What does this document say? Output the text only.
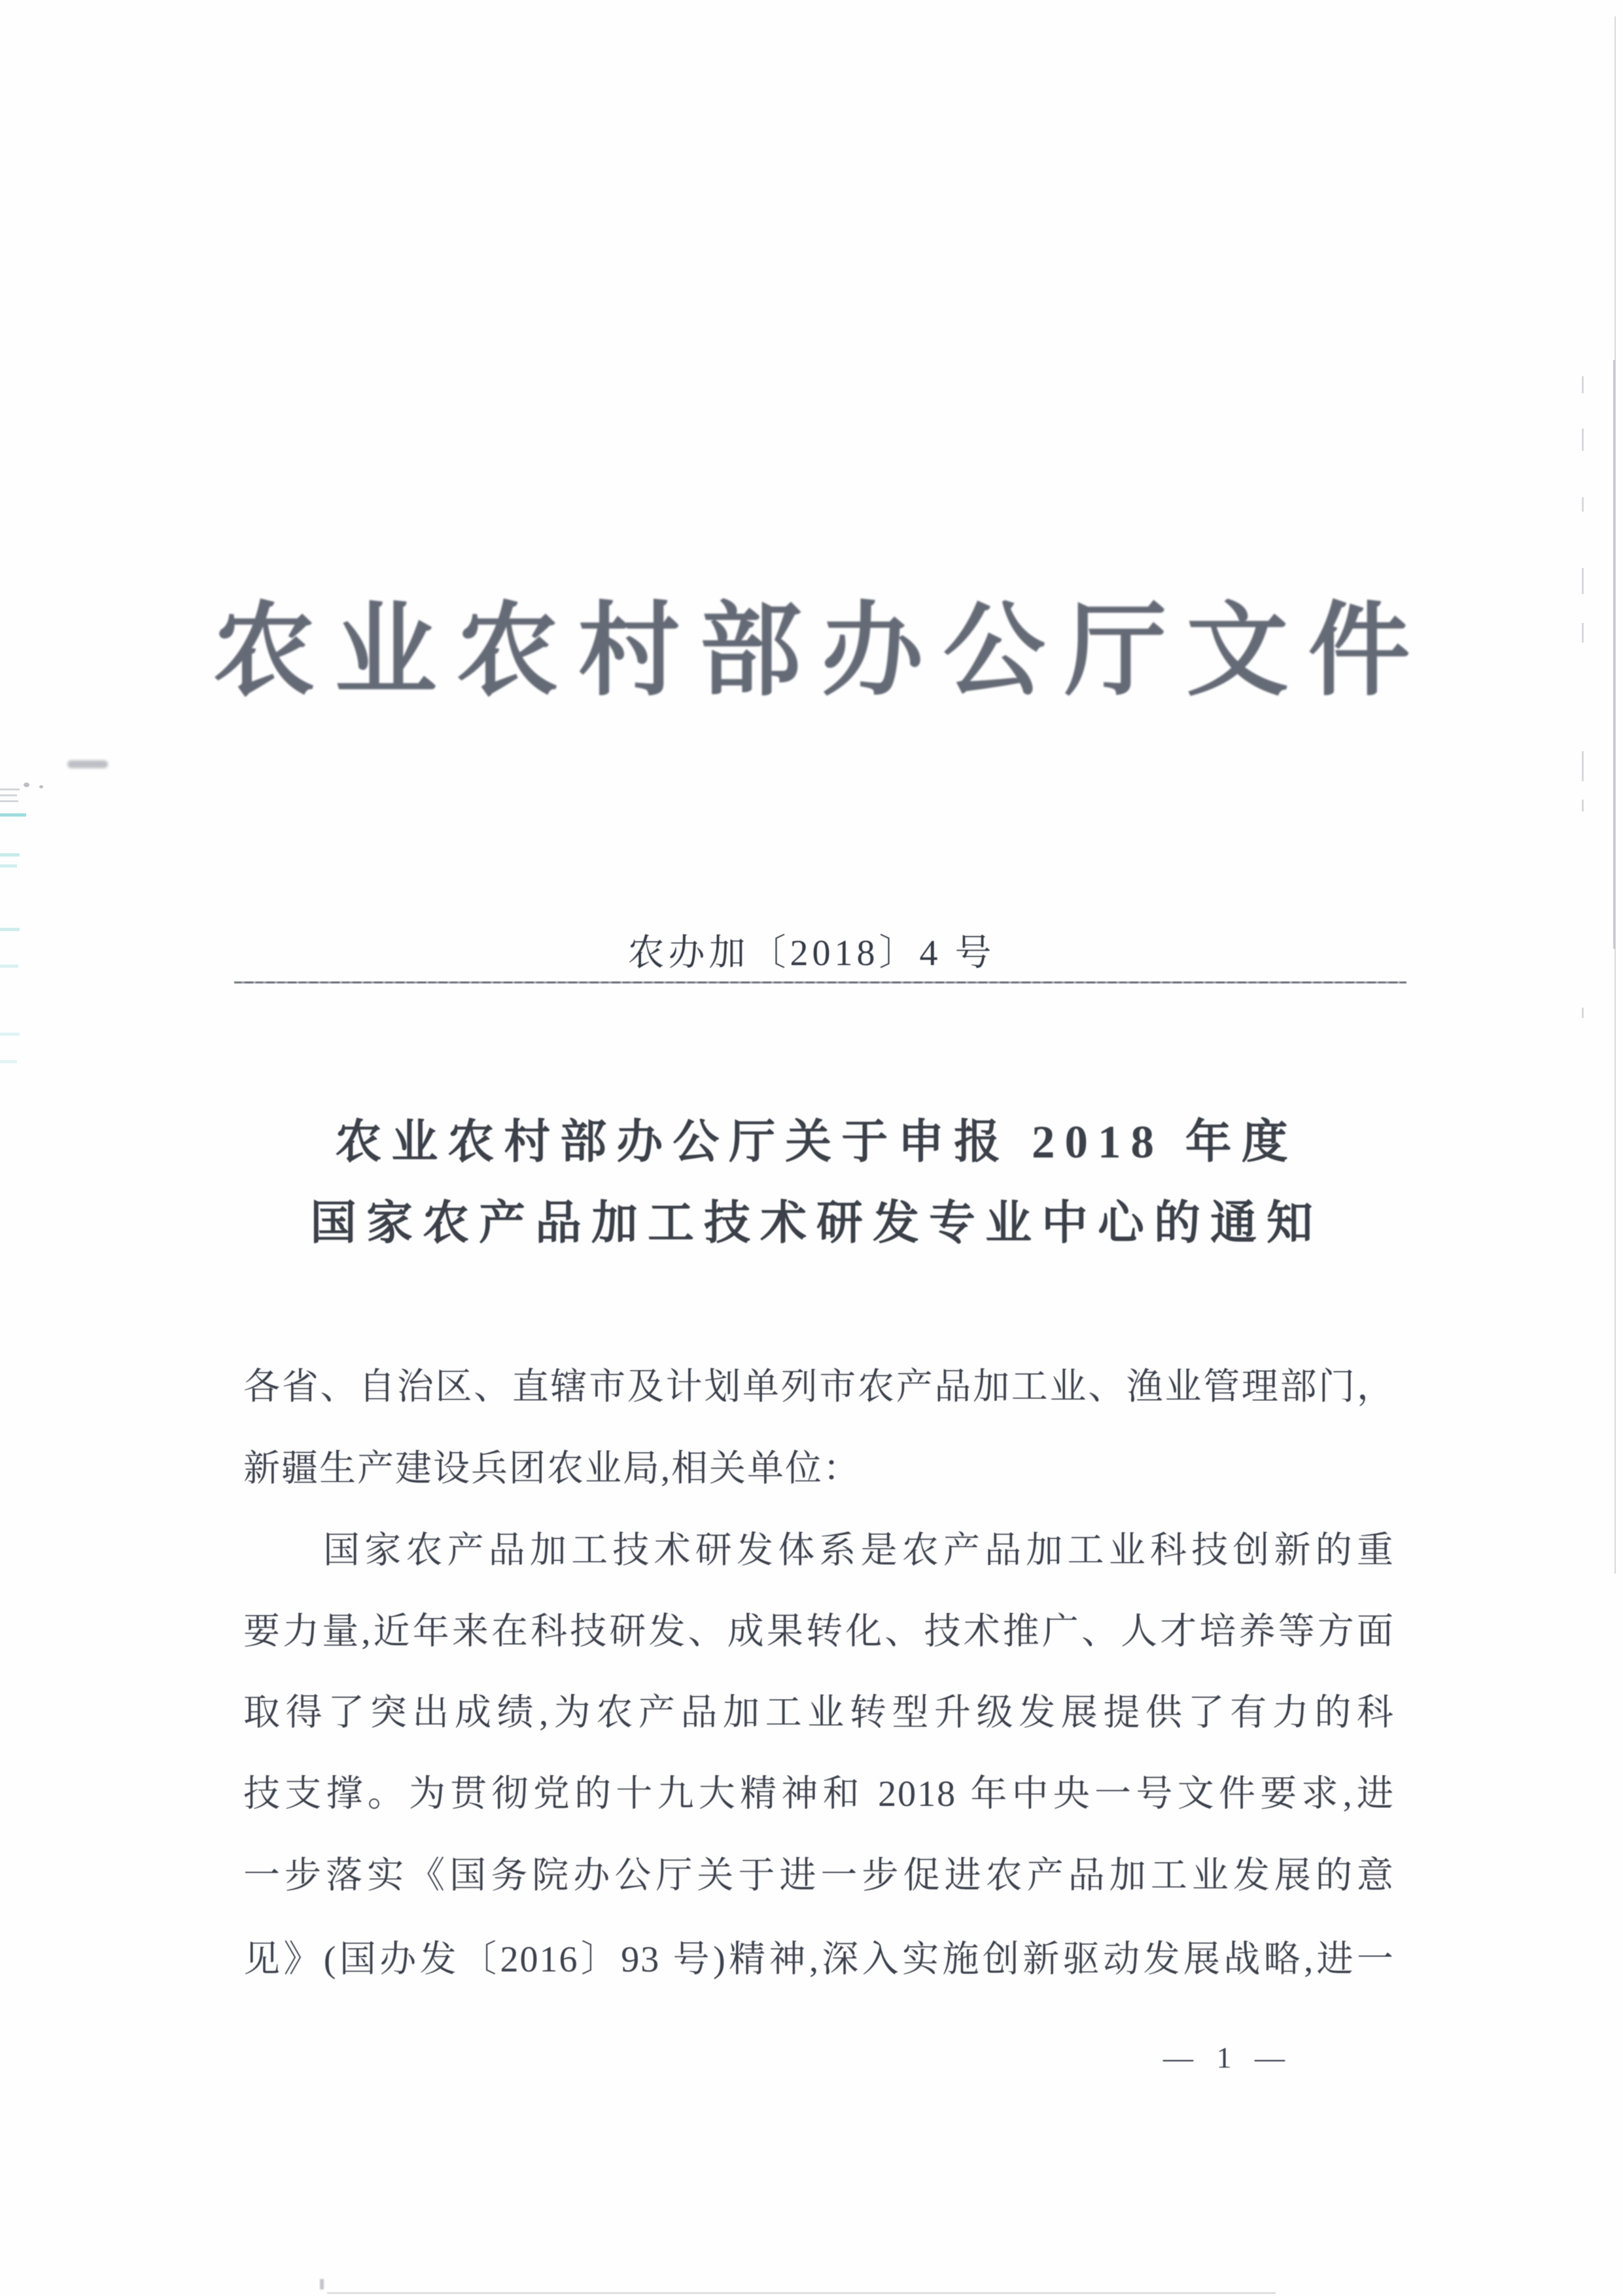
农业农村部办公厅文件
农办加〔2018〕4 号
农业农村部办公厅关于申报 2018 年度
国家农产品加工技术研发专业中心的通知
各省、自治区、直辖市及计划单列市农产品加工业、渔业管理部门，
新疆生产建设兵团农业局,相关单位：
国家农产品加工技术研发体系是农产品加工业科技创新的重
要力量,近年来在科技研发、成果转化、技术推广、人才培养等方面
取得了突出成绩,为农产品加工业转型升级发展提供了有力的科
技支撑。为贯彻党的十九大精神和 2018 年中央一号文件要求,进
一步落实《国务院办公厅关于进一步促进农产品加工业发展的意
见》(国办发〔2016〕93 号)精神,深入实施创新驱动发展战略,进一
— 1 —
